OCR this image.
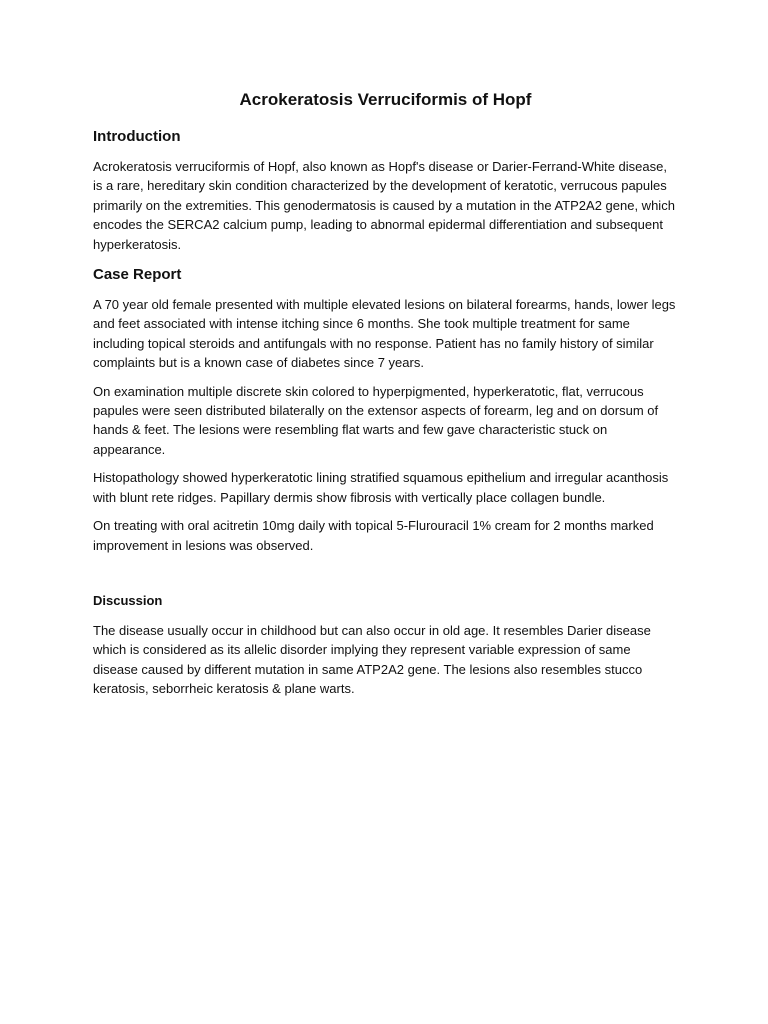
Acrokeratosis Verruciformis of Hopf
Introduction

Acrokeratosis verruciformis of Hopf, also known as Hopf's disease or Darier-Ferrand-White disease, is a rare, hereditary skin condition characterized by the development of keratotic, verrucous papules primarily on the extremities. This genodermatosis is caused by a mutation in the ATP2A2 gene, which encodes the SERCA2 calcium pump, leading to abnormal epidermal differentiation and subsequent hyperkeratosis.

Case Report

A 70 year old female presented with multiple elevated lesions on bilateral forearms, hands, lower legs and feet associated with intense itching since 6 months. She took multiple treatment for same including topical steroids and antifungals with no response. Patient has no family history of similar complaints but is a known case of diabetes since 7 years.

On examination multiple discrete skin colored to hyperpigmented, hyperkeratotic, flat, verrucous papules were seen distributed bilaterally on the extensor aspects of forearm, leg and on dorsum of hands & feet. The lesions were resembling flat warts and few gave characteristic stuck on appearance.

Histopathology showed hyperkeratotic lining stratified squamous epithelium and irregular acanthosis with blunt rete ridges. Papillary dermis show fibrosis with vertically place collagen bundle.

On treating with oral acitretin 10mg daily with topical 5-Flurouracil 1% cream for 2 months marked improvement in lesions was observed.

Discussion

The disease usually occur in childhood but can also occur in old age. It resembles Darier disease which is considered as its allelic disorder implying they represent variable expression of same disease caused by different mutation in same ATP2A2 gene. The lesions also resembles stucco keratosis, seborrheic keratosis & plane warts.
